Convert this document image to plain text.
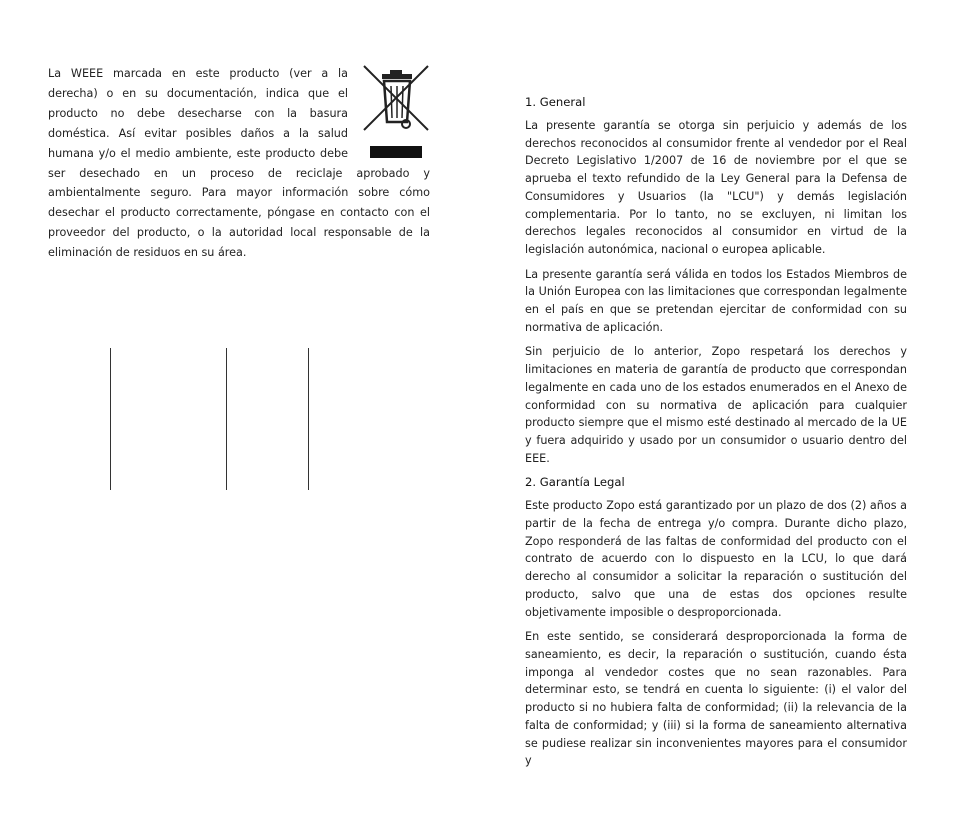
La WEEE marcada en este producto (ver a la derecha) o en su documentación, indica que el producto no debe desecharse con la basura doméstica. Así evitar posibles daños a la salud humana y/o el medio ambiente, este producto debe ser desechado en un proceso de reciclaje aprobado y ambientalmente seguro. Para mayor información sobre cómo desechar el producto correctamente, póngase en contacto con el proveedor del producto, o la autoridad local responsable de la eliminación de residuos en su área.

1. General

La presente garantía se otorga sin perjuicio y además de los derechos reconocidos al consumidor frente al vendedor por el Real Decreto Legislativo 1/2007 de 16 de noviembre por el que se aprueba el texto refundido de la Ley General para la Defensa de Consumidores y Usuarios (la "LCU") y demás legislación complementaria. Por lo tanto, no se excluyen, ni limitan los derechos legales reconocidos al consumidor en virtud de la legislación autonómica, nacional o europea aplicable.

La presente garantía será válida en todos los Estados Miembros de la Unión Europea con las limitaciones que correspondan legalmente en el país en que se pretendan ejercitar de conformidad con su normativa de aplicación.

Sin perjuicio de lo anterior, Zopo respetará los derechos y limitaciones en materia de garantía de producto que correspondan legalmente en cada uno de los estados enumerados en el Anexo de conformidad con su normativa de aplicación para cualquier producto siempre que el mismo esté destinado al mercado de la UE y fuera adquirido y usado por un consumidor o usuario dentro del EEE.

2. Garantía Legal

Este producto Zopo está garantizado por un plazo de dos (2) años a partir de la fecha de entrega y/o compra. Durante dicho plazo, Zopo responderá de las faltas de conformidad del producto con el contrato de acuerdo con lo dispuesto en la LCU, lo que dará derecho al consumidor a solicitar la reparación o sustitución del producto, salvo que una de estas dos opciones resulte objetivamente imposible o desproporcionada.

En este sentido, se considerará desproporcionada la forma de saneamiento, es decir, la reparación o sustitución, cuando ésta imponga al vendedor costes que no sean razonables. Para determinar esto, se tendrá en cuenta lo siguiente: (i) el valor del producto si no hubiera falta de conformidad; (ii) la relevancia de la falta de conformidad; y (iii) si la forma de saneamiento alternativa se pudiese realizar sin inconvenientes mayores para el consumidor y
